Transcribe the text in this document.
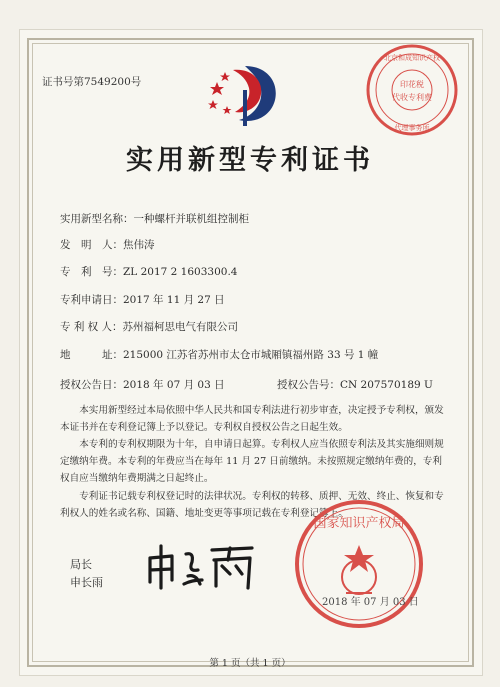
证书号第7549200号
北京和成知识产权
代理事务所
印花税
代收专利费
实用新型专利证书
实用新型名称：一种螺杆并联机组控制柜
发　明　人：焦伟涛
专　利　号：ZL 2017 2 1603300.4
专利申请日：2017 年 11 月 27 日
专 利 权 人：苏州福柯思电气有限公司
地　　　址：215000 江苏省苏州市太仓市城厢镇福州路 33 号 1 幢
授权公告日：2018 年 07 月 03 日	授权公告号：CN 207570189 U
本实用新型经过本局依照中华人民共和国专利法进行初步审查，决定授予专利权，颁发本证书并在专利登记簿上予以登记。专利权自授权公告之日起生效。
本专利的专利权期限为十年，自申请日起算。专利权人应当依照专利法及其实施细则规定缴纳年费。本专利的年费应当在每年 11 月 27 日前缴纳。未按照规定缴纳年费的，专利权自应当缴纳年费期满之日起终止。
专利证书记载专利权登记时的法律状况。专利权的转移、质押、无效、终止、恢复和专利权人的姓名或名称、国籍、地址变更等事项记载在专利登记簿上。
局长
申长雨
国家知识产权局
2018 年 07 月 03 日
第 1 页（共 1 页）
